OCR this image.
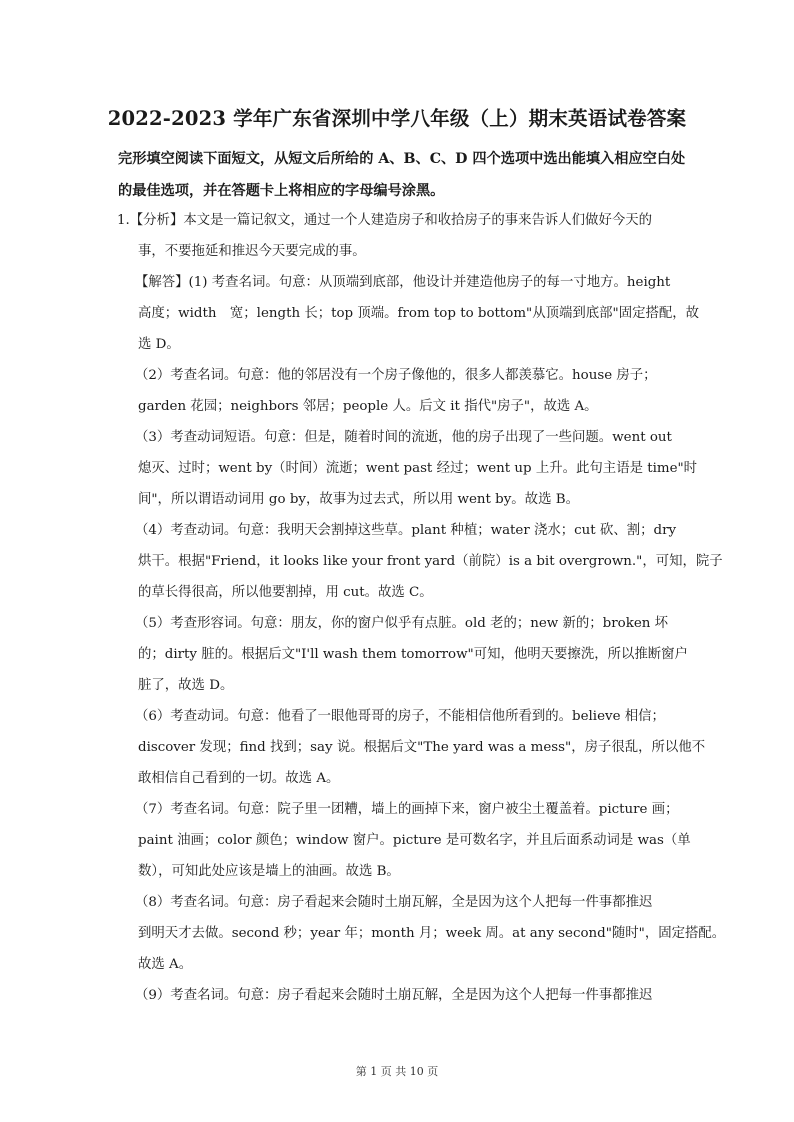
2022-2023 学年广东省深圳中学八年级（上）期末英语试卷答案
完形填空阅读下面短文，从短文后所给的 A、B、C、D 四个选项中选出能填入相应空白处
的最佳选项，并在答题卡上将相应的字母编号涂黑。
1.【分析】本文是一篇记叙文，通过一个人建造房子和收拾房子的事来告诉人们做好今天的
事，不要拖延和推迟今天要完成的事。
【解答】(1) 考查名词。句意：从顶端到底部，他设计并建造他房子的每一寸地方。height
高度；width　宽；length 长；top 顶端。from top to bottom"从顶端到底部"固定搭配，故
选 D。
（2）考查名词。句意：他的邻居没有一个房子像他的，很多人都羡慕它。house 房子；
garden 花园；neighbors 邻居；people 人。后文 it 指代"房子"，故选 A。
（3）考查动词短语。句意：但是，随着时间的流逝，他的房子出现了一些问题。went out
熄灭、过时；went by（时间）流逝；went past 经过；went up 上升。此句主语是 time"时
间"，所以谓语动词用 go by，故事为过去式，所以用 went by。故选 B。
（4）考查动词。句意：我明天会割掉这些草。plant 种植；water 浇水；cut 砍、割；dry
烘干。根据"Friend，it looks like your front yard（前院）is a bit overgrown."，可知，院子
的草长得很高，所以他要割掉，用 cut。故选 C。
（5）考查形容词。句意：朋友，你的窗户似乎有点脏。old 老的；new 新的；broken 坏
的；dirty 脏的。根据后文"I'll wash them tomorrow"可知，他明天要擦洗，所以推断窗户
脏了，故选 D。
（6）考查动词。句意：他看了一眼他哥哥的房子，不能相信他所看到的。believe 相信；
discover 发现；find 找到；say 说。根据后文"The yard was a mess"，房子很乱，所以他不
敢相信自己看到的一切。故选 A。
（7）考查名词。句意：院子里一团糟，墙上的画掉下来，窗户被尘土覆盖着。picture 画；
paint 油画；color 颜色；window 窗户。picture 是可数名字，并且后面系动词是 was（单
数），可知此处应该是墙上的油画。故选 B。
（8）考查名词。句意：房子看起来会随时土崩瓦解，全是因为这个人把每一件事都推迟
到明天才去做。second 秒；year 年；month 月；week 周。at any second"随时"，固定搭配。
故选 A。
（9）考查名词。句意：房子看起来会随时土崩瓦解，全是因为这个人把每一件事都推迟
第 1 页 共 10 页
